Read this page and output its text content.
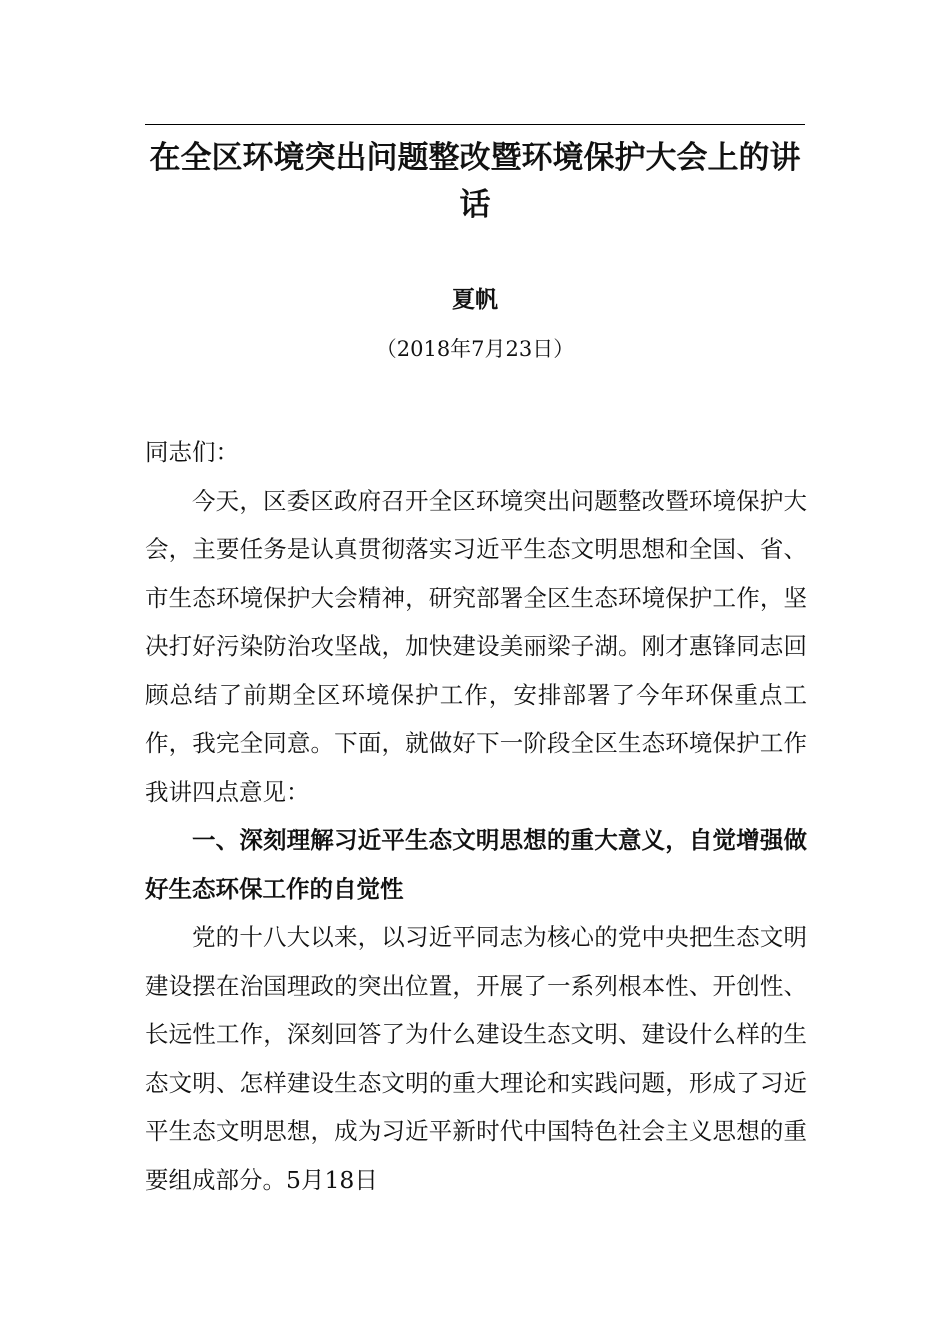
在全区环境突出问题整改暨环境保护大会上的讲话
夏帆
（2018年7月23日）

同志们：

今天，区委区政府召开全区环境突出问题整改暨环境保护大会，主要任务是认真贯彻落实习近平生态文明思想和全国、省、市生态环境保护大会精神，研究部署全区生态环境保护工作，坚决打好污染防治攻坚战，加快建设美丽梁子湖。刚才惠锋同志回顾总结了前期全区环境保护工作，安排部署了今年环保重点工作，我完全同意。下面，就做好下一阶段全区生态环境保护工作我讲四点意见：

一、深刻理解习近平生态文明思想的重大意义，自觉增强做好生态环保工作的自觉性

党的十八大以来，以习近平同志为核心的党中央把生态文明建设摆在治国理政的突出位置，开展了一系列根本性、开创性、长远性工作，深刻回答了为什么建设生态文明、建设什么样的生态文明、怎样建设生态文明的重大理论和实践问题，形成了习近平生态文明思想，成为习近平新时代中国特色社会主义思想的重要组成部分。5月18日
